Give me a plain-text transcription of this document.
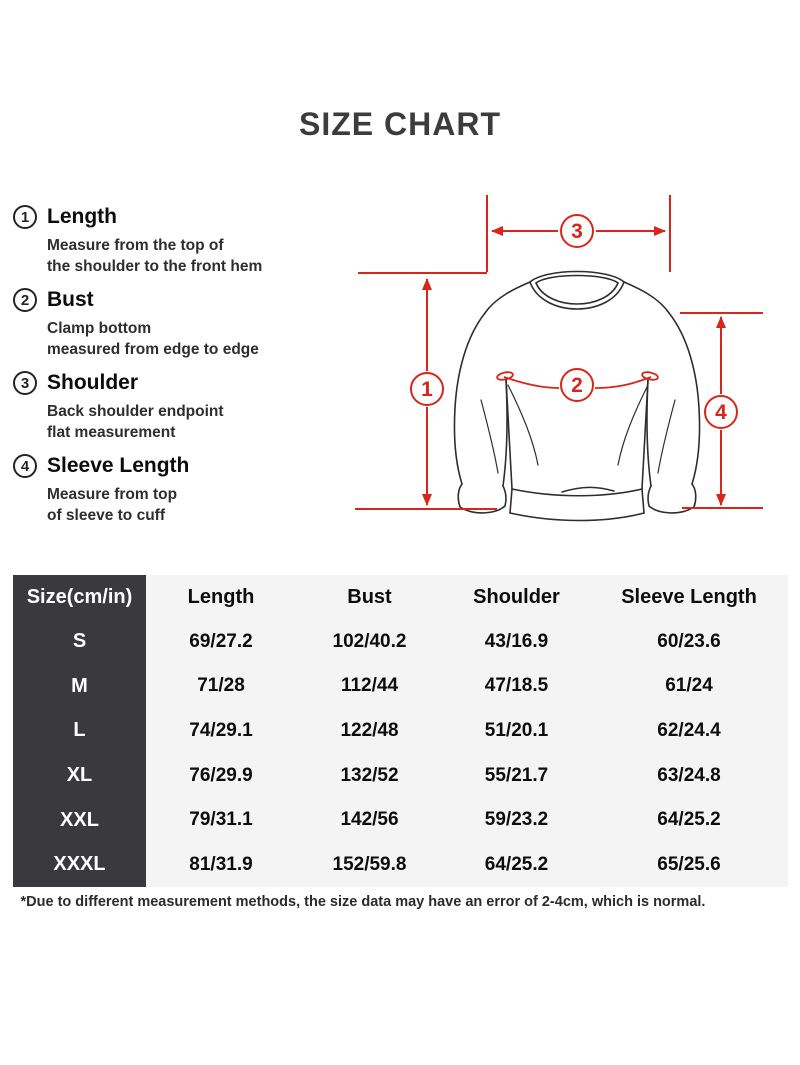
SIZE CHART
1 Length
Measure from the top of
the shoulder to the front hem
2 Bust
Clamp bottom
measured from edge to edge
3 Shoulder
Back shoulder endpoint
flat measurement
4 Sleeve Length
Measure from top
of sleeve to cuff
3
1	2
4
Size(cm/in)	Length	Bust	Shoulder	Sleeve Length
S	69/27.2	102/40.2	43/16.9	60/23.6
M	71/28	112/44	47/18.5	61/24
L	74/29.1	122/48	51/20.1	62/24.4
XL	76/29.9	132/52	55/21.7	63/24.8
XXL	79/31.1	142/56	59/23.2	64/25.2
XXXL	81/31.9	152/59.8	64/25.2	65/25.6

*Due to different measurement methods, the size data may have an error of 2-4cm, which is normal.
